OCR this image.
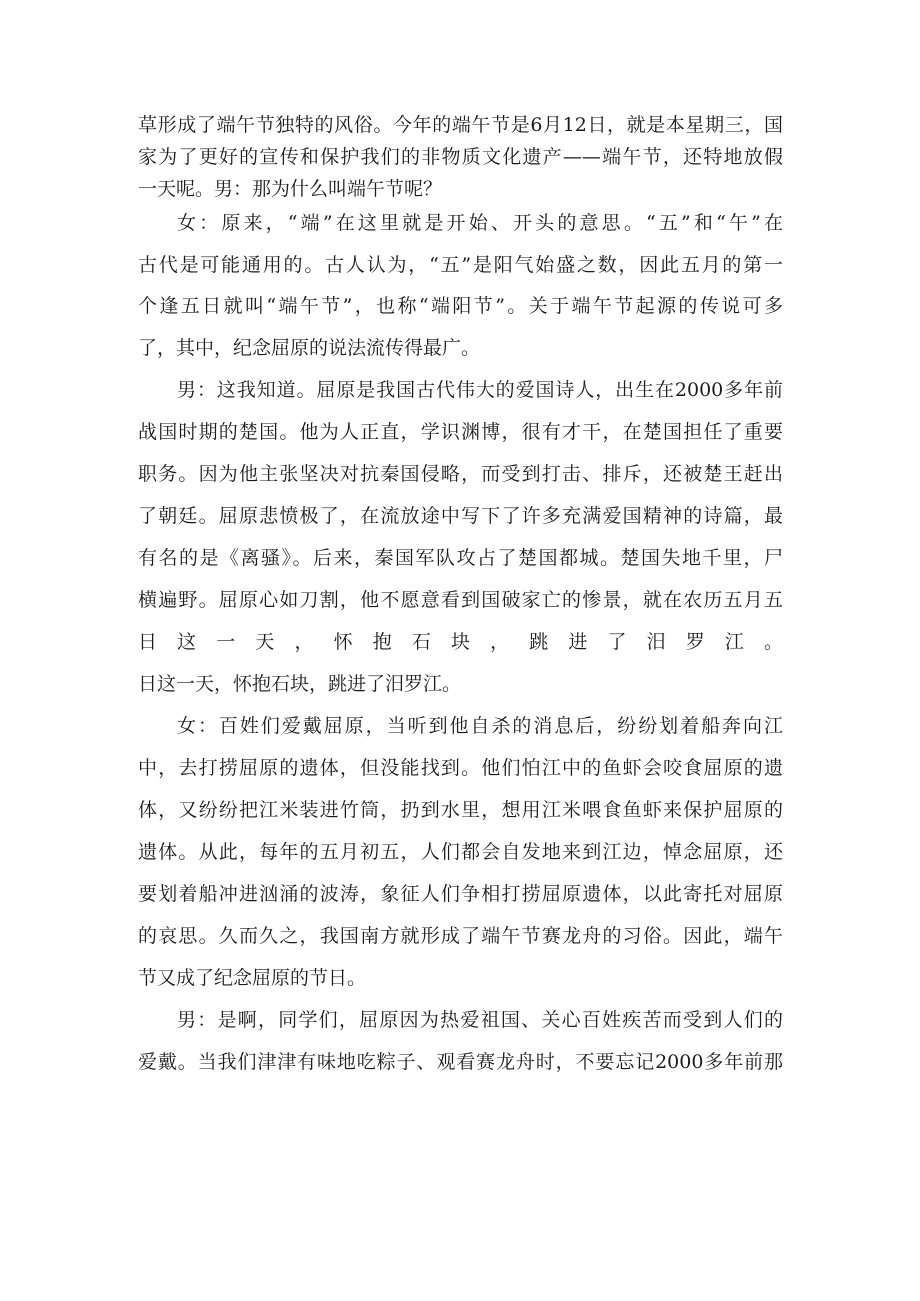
草形成了端午节独特的风俗。今年的端午节是6月12日，就是本星期三，国
家为了更好的宣传和保护我们的非物质文化遗产——端午节，还特地放假
一天呢。男：那为什么叫端午节呢？
女：原来，“端”在这里就是开始、开头的意思。“五”和“午”在
古代是可能通用的。古人认为，“五”是阳气始盛之数，因此五月的第一
个逢五日就叫“端午节”，也称“端阳节”。关于端午节起源的传说可多
了，其中，纪念屈原的说法流传得最广。
男：这我知道。屈原是我国古代伟大的爱国诗人，出生在2000多年前
战国时期的楚国。他为人正直，学识渊博，很有才干，在楚国担任了重要
职务。因为他主张坚决对抗秦国侵略，而受到打击、排斥，还被楚王赶出
了朝廷。屈原悲愤极了，在流放途中写下了许多充满爱国精神的诗篇，最
有名的是《离骚》。后来，秦国军队攻占了楚国都城。楚国失地千里，尸
横遍野。屈原心如刀割，他不愿意看到国破家亡的惨景，就在农历五月五
日这一天，怀抱石块，跳进了汨罗江。
日这一天，怀抱石块，跳进了汨罗江。
女：百姓们爱戴屈原，当听到他自杀的消息后，纷纷划着船奔向江
中，去打捞屈原的遗体，但没能找到。他们怕江中的鱼虾会咬食屈原的遗
体，又纷纷把江米装进竹筒，扔到水里，想用江米喂食鱼虾来保护屈原的
遗体。从此，每年的五月初五，人们都会自发地来到江边，悼念屈原，还
要划着船冲进汹涌的波涛，象征人们争相打捞屈原遗体，以此寄托对屈原
的哀思。久而久之，我国南方就形成了端午节赛龙舟的习俗。因此，端午
节又成了纪念屈原的节日。
男：是啊，同学们，屈原因为热爱祖国、关心百姓疾苦而受到人们的
爱戴。当我们津津有味地吃粽子、观看赛龙舟时，不要忘记2000多年前那
